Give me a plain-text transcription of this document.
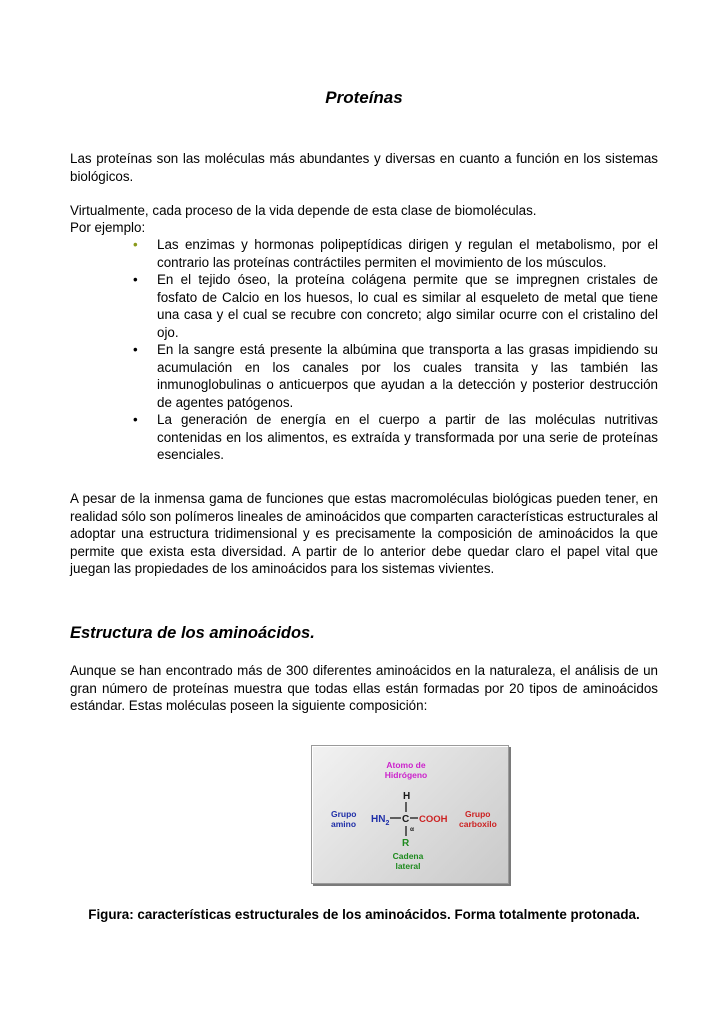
Proteínas

Las proteínas son las moléculas más abundantes y diversas en cuanto a función en los sistemas biológicos.

Virtualmente, cada proceso de la vida depende de esta clase de biomoléculas.

Por ejemplo:

• Las enzimas y hormonas polipeptídicas dirigen y regulan el metabolismo, por el contrario las proteínas contráctiles permiten el movimiento de los músculos.
• En el tejido óseo, la proteína colágena permite que se impregnen cristales de fosfato de Calcio en los huesos, lo cual es similar al esqueleto de metal que tiene una casa y el cual se recubre con concreto; algo similar ocurre con el cristalino del ojo.
• En la sangre está presente la albúmina que transporta a las grasas impidiendo su acumulación en los canales por los cuales transita y las también las inmunoglobulinas o anticuerpos que ayudan a la detección y posterior destrucción de agentes patógenos.
• La generación de energía en el cuerpo a partir de las moléculas nutritivas contenidas en los alimentos, es extraída y transformada por una serie de proteínas esenciales.

A pesar de la inmensa gama de funciones que estas macromoléculas biológicas pueden tener, en realidad sólo son polímeros lineales de aminoácidos que comparten características estructurales al adoptar una estructura tridimensional y es precisamente la composición de aminoácidos la que permite que exista esta diversidad. A partir de lo anterior debe quedar claro el papel vital que juegan las propiedades de los aminoácidos para los sistemas vivientes.

Estructura de los aminoácidos.

Aunque se han encontrado más de 300 diferentes aminoácidos en la naturaleza, el análisis de un gran número de proteínas muestra que todas ellas están formadas por 20 tipos de aminoácidos estándar. Estas moléculas poseen la siguiente composición:

Atomo de
Hidrógeno
H
Grupo
amino $HN_2$ C
α
COOH Grupo
carboxilo
R
Cadena
lateral
Figura: características estructurales de los aminoácidos. Forma totalmente protonada.
